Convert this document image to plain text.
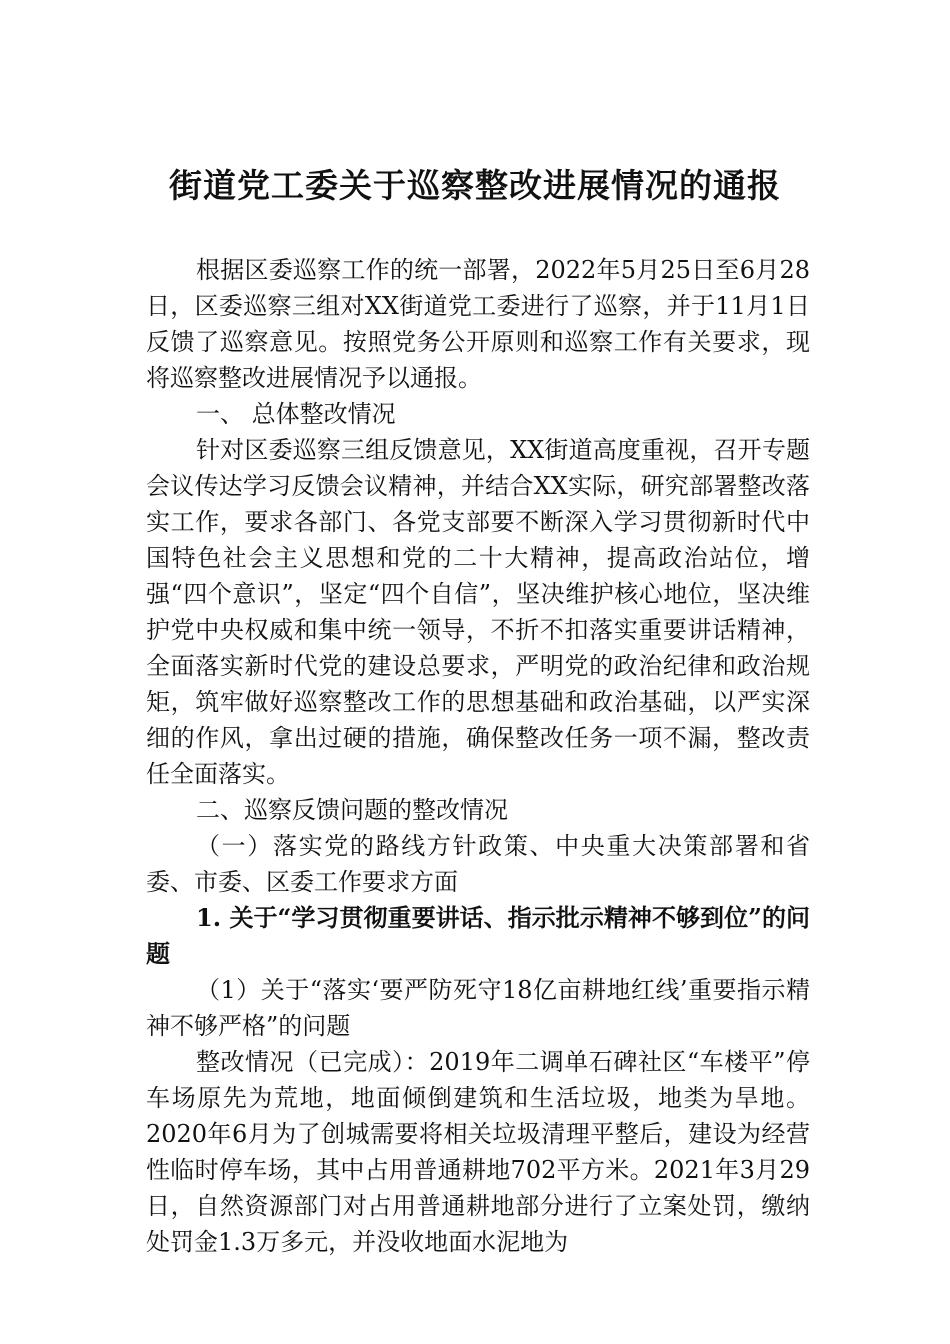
街道党工委关于巡察整改进展情况的通报

根据区委巡察工作的统一部署，2022年5月25日至6月28日，区委巡察三组对XX街道党工委进行了巡察，并于11月1日反馈了巡察意见。按照党务公开原则和巡察工作有关要求，现将巡察整改进展情况予以通报。

一、 总体整改情况

针对区委巡察三组反馈意见，XX街道高度重视，召开专题会议传达学习反馈会议精神，并结合XX实际，研究部署整改落实工作，要求各部门、各党支部要不断深入学习贯彻新时代中国特色社会主义思想和党的二十大精神，提高政治站位，增强“四个意识”，坚定“四个自信”，坚决维护核心地位，坚决维护党中央权威和集中统一领导，不折不扣落实重要讲话精神，全面落实新时代党的建设总要求，严明党的政治纪律和政治规矩，筑牢做好巡察整改工作的思想基础和政治基础，以严实深细的作风，拿出过硬的措施，确保整改任务一项不漏，整改责任全面落实。

二、巡察反馈问题的整改情况

（一）落实党的路线方针政策、中央重大决策部署和省委、市委、区委工作要求方面

1. 关于“学习贯彻重要讲话、指示批示精神不够到位”的问题

（1）关于“落实‘要严防死守18亿亩耕地红线’重要指示精神不够严格”的问题

整改情况（已完成）：2019年二调单石碑社区“车楼平”停车场原先为荒地，地面倾倒建筑和生活垃圾，地类为旱地。2020年6月为了创城需要将相关垃圾清理平整后，建设为经营性临时停车场，其中占用普通耕地702平方米。2021年3月29日，自然资源部门对占用普通耕地部分进行了立案处罚，缴纳处罚金1.3万多元，并没收地面水泥地为
